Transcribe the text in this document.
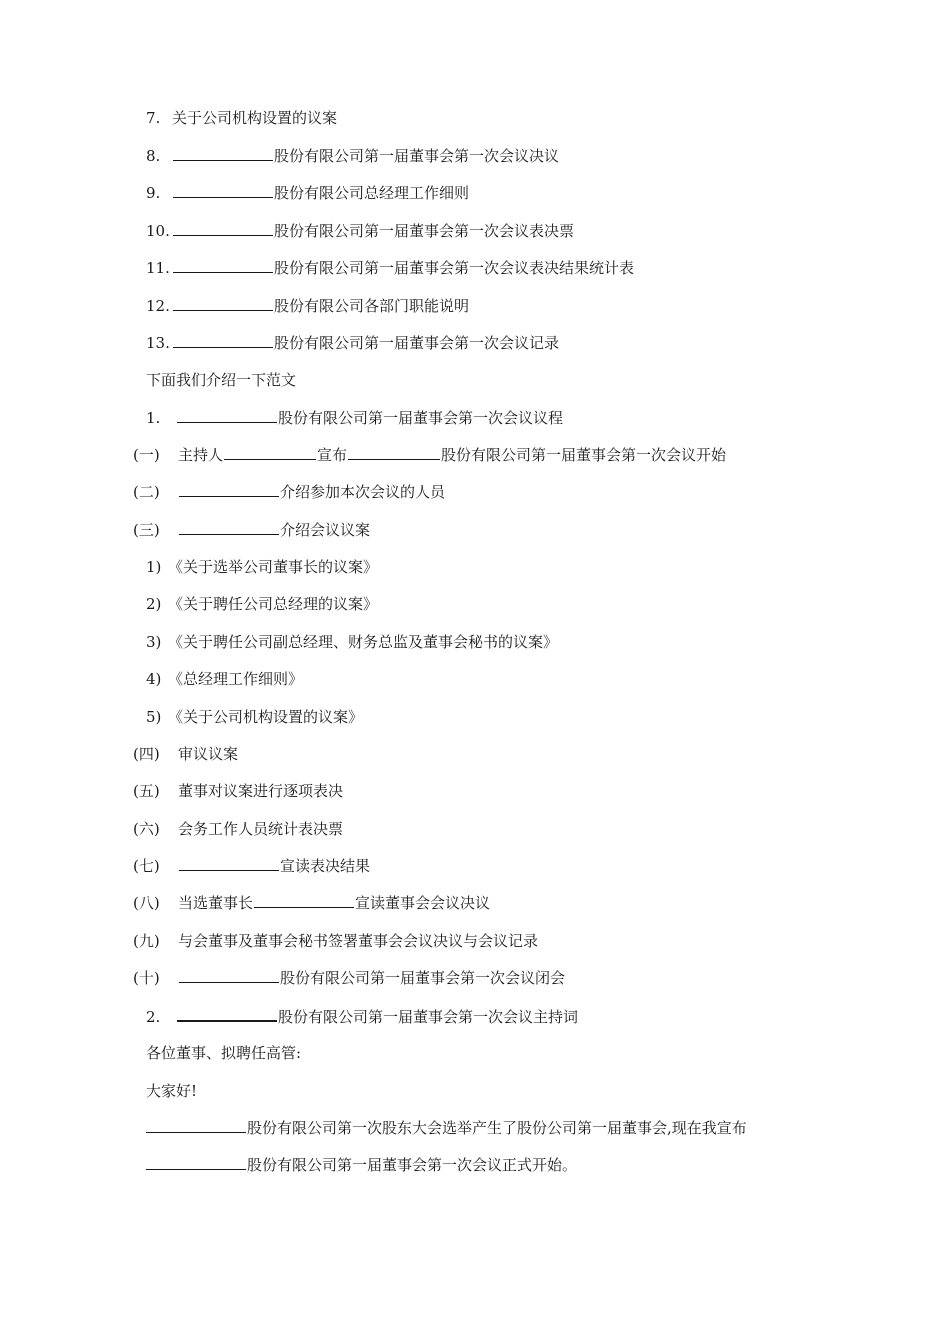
7. 关于公司机构设置的议案
8.	股份有限公司第一届董事会第一次会议决议
9.	股份有限公司总经理工作细则
10.	股份有限公司第一届董事会第一次会议表决票
11.	股份有限公司第一届董事会第一次会议表决结果统计表
12.	股份有限公司各部门职能说明
13.	股份有限公司第一届董事会第一次会议记录
下面我们介绍一下范文
1.	股份有限公司第一届董事会第一次会议议程
(一) 主持人	宣布	股份有限公司第一届董事会第一次会议开始
(二)	介绍参加本次会议的人员
(三)	介绍会议议案
1) 《关于选举公司董事长的议案》
2) 《关于聘任公司总经理的议案》
3) 《关于聘任公司副总经理、财务总监及董事会秘书的议案》
4) 《总经理工作细则》
5) 《关于公司机构设置的议案》
(四) 审议议案
(五) 董事对议案进行逐项表决
(六) 会务工作人员统计表决票
(七)	宣读表决结果
(八) 当选董事长	宣读董事会会议决议
(九) 与会董事及董事会秘书签署董事会会议决议与会议记录
(十)	股份有限公司第一届董事会第一次会议闭会
2.	股份有限公司第一届董事会第一次会议主持词
各位董事、拟聘任高管:
大家好!
股份有限公司第一次股东大会选举产生了股份公司第一届董事会,现在我宣布
股份有限公司第一届董事会第一次会议正式开始。
